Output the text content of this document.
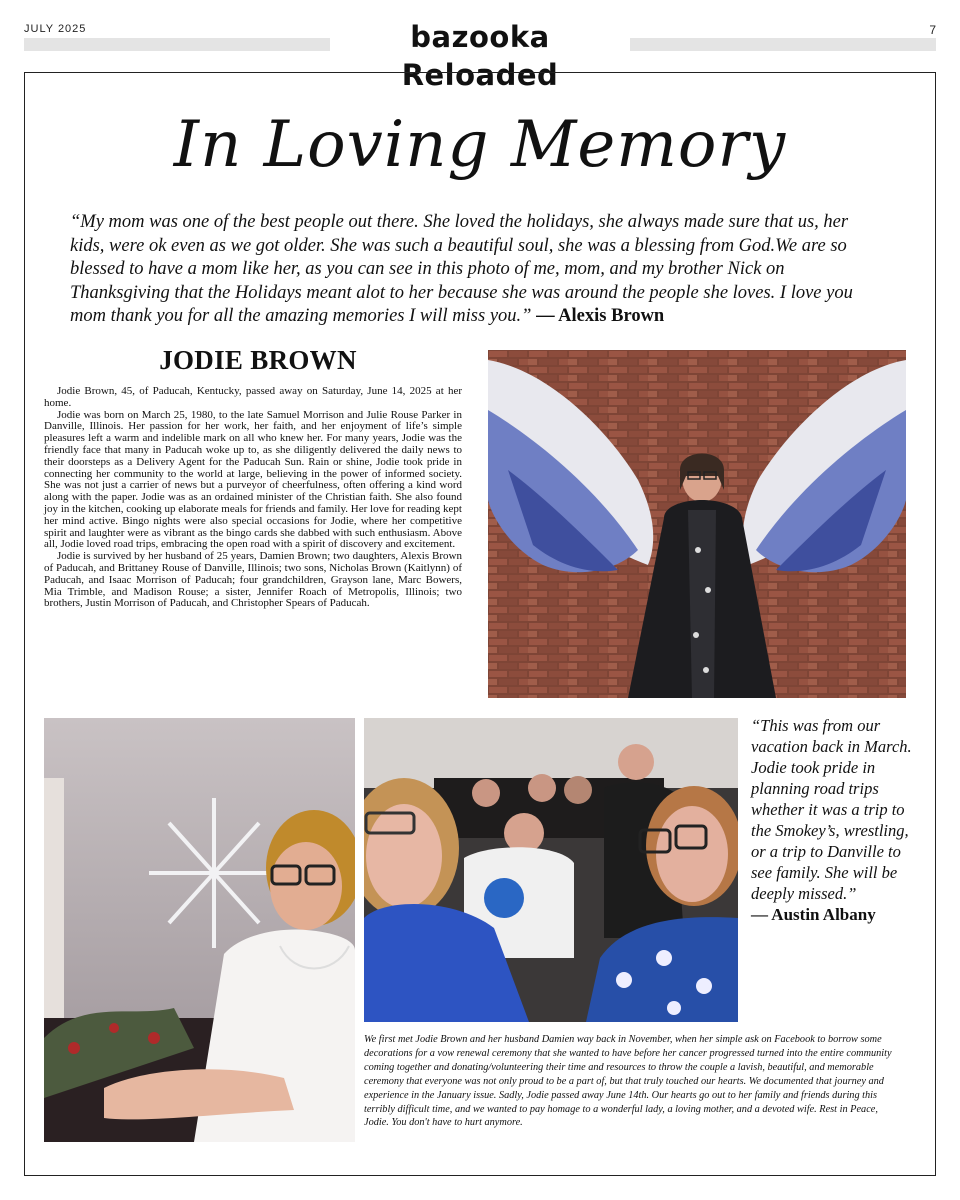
JULY 2025	bazooka Reloaded
7
In Loving Memory
“My mom was one of the best people out there. She loved the holidays, she always made sure that us, her kids, were ok even as we got older. She was such a beautiful soul, she was a blessing from God.We are so blessed to have a mom like her, as you can see in this photo of me, mom, and my brother Nick on Thanksgiving that the Holidays meant alot to her because she was around the people she loves. I love you mom thank you for all the amazing memories I will miss you.” — Alexis Brown
JODIE BROWN

Jodie Brown, 45, of Paducah, Kentucky, passed away on Saturday, June 14, 2025 at her home.

Jodie was born on March 25, 1980, to the late Samuel Morrison and Julie Rouse Parker in Danville, Illinois. Her passion for her work, her faith, and her enjoyment of life’s simple pleasures left a warm and indelible mark on all who knew her. For many years, Jodie was the friendly face that many in Paducah woke up to, as she diligently delivered the daily news to their doorsteps as a Delivery Agent for the Paducah Sun. Rain or shine, Jodie took pride in connecting her community to the world at large, believing in the power of informed society. She was not just a carrier of news but a purveyor of cheerfulness, often offering a kind word along with the paper. Jodie was as an ordained minister of the Christian faith. She also found joy in the kitchen, cooking up elaborate meals for friends and family. Her love for reading kept her mind active. Bingo nights were also special occasions for Jodie, where her competitive spirit and laughter were as vibrant as the bingo cards she dabbed with such enthusiasm. Above all, Jodie loved road trips, embracing the open road with a spirit of discovery and excitement.

Jodie is survived by her husband of 25 years, Damien Brown; two daughters, Alexis Brown of Paducah, and Brittaney Rouse of Danville, Illinois; two sons, Nicholas Brown (Kaitlynn) of Paducah, and Isaac Morrison of Paducah; four grandchildren, Grayson lane, Marc Bowers, Mia Trimble, and Madison Rouse; a sister, Jennifer Roach of Metropolis, Illinois; two brothers, Justin Morrison of Paducah, and Christopher Spears of Paducah.

“This was from our vacation back in March. Jodie took pride in planning road trips whether it was a trip to the Smokey’s, wrestling, or a trip to Danville to see family. She will be deeply missed.”
— Austin Albany
We first met Jodie Brown and her husband Damien way back in November, when her simple ask on Facebook to borrow some decorations for a vow renewal ceremony that she wanted to have before her cancer progressed turned into the entire community coming together and donating/volunteering their time and resources to throw the couple a lavish, beautiful, and memorable ceremony that everyone was not only proud to be a part of, but that truly touched our hearts. We documented that journey and experience in the January issue. Sadly, Jodie passed away June 14th. Our hearts go out to her family and friends during this terribly difficult time, and we wanted to pay homage to a wonderful lady, a loving mother, and a devoted wife. Rest in Peace, Jodie. You don't have to hurt anymore.
